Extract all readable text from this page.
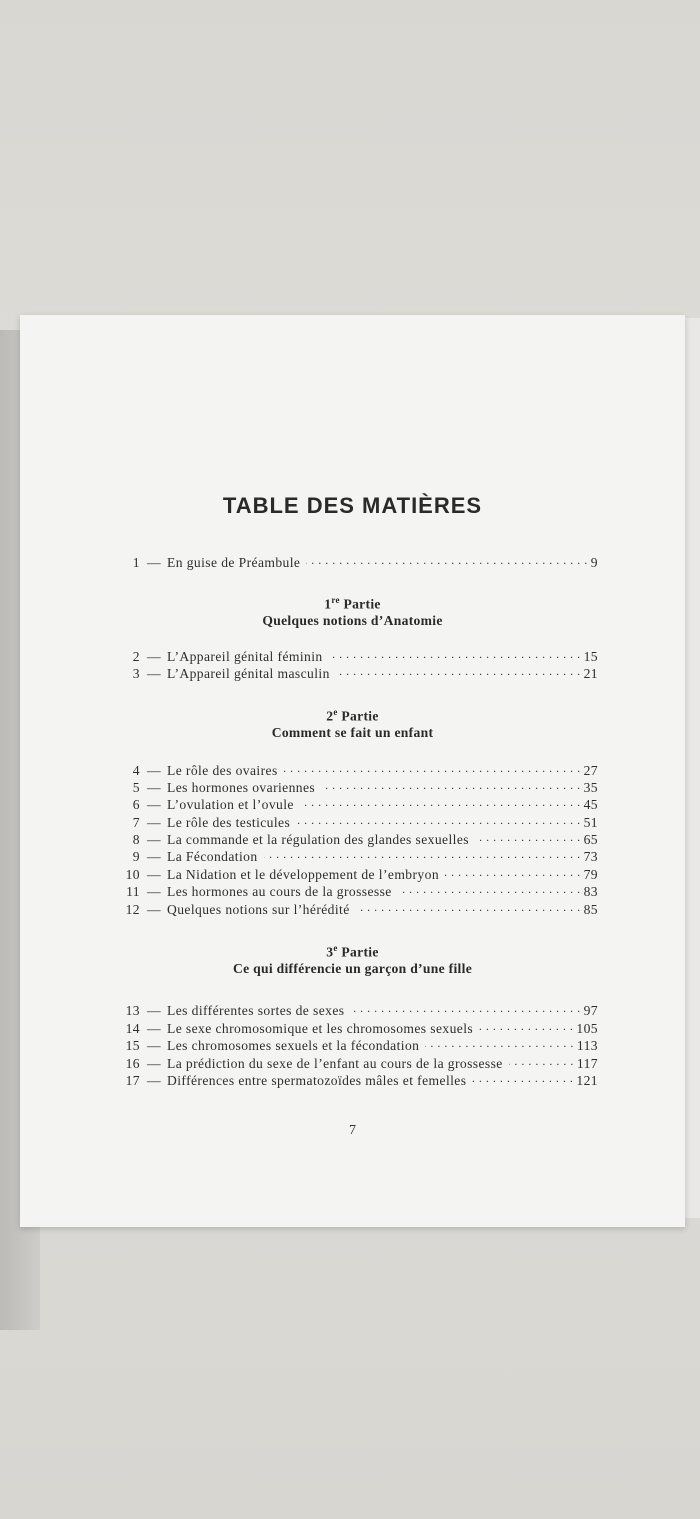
TABLE DES MATIÈRES
1 — En guise de Préambule . . .	9
1re Partie
Quelques notions d’Anatomie
2 — L’Appareil génital féminin . . .	15
3 — L’Appareil génital masculin . . .	21
2e Partie
Comment se fait un enfant
4 — Le rôle des ovaires . . .	27
5 — Les hormones ovariennes . . .	35
6 — L’ovulation et l’ovule . . .	45
7 — Le rôle des testicules . . .	51
8 — La commande et la régulation des glandes sexuelles . . .	65
9 — La Fécondation . . .	73
10 — La Nidation et le développement de l’embryon . . .	79
11 — Les hormones au cours de la grossesse . . .	83
12 — Quelques notions sur l’hérédité . . .	85
3e Partie
Ce qui différencie un garçon d’une fille
13 — Les différentes sortes de sexes . . .	97
14 — Le sexe chromosomique et les chromosomes sexuels . . .	105
15 — Les chromosomes sexuels et la fécondation . . .	113
16 — La prédiction du sexe de l’enfant au cours de la grossesse . . .	117
17 — Différences entre spermatozoïdes mâles et femelles . . .	121
7
